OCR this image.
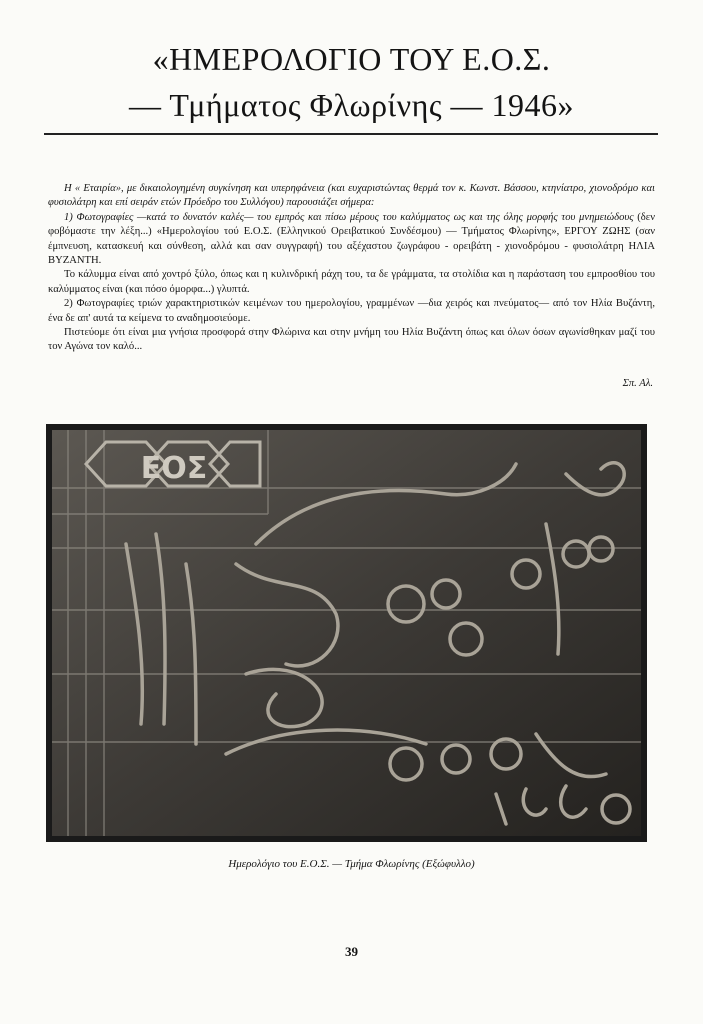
«ΗΜΕΡΟΛΟΓΙΟ ΤΟΥ Ε.Ο.Σ.
— Τμήματος Φλωρίνης — 1946»

Η « Εταιρία», με δικαιολογημένη συγκίνηση και υπερηφάνεια (και ευχαριστώντας θερμά τον κ. Κωνστ. Βάσσου, κτηνίατρο, χιονοδρόμο και φυσιολάτρη και επί σειράν ετών Πρόεδρο του Συλλόγου) παρουσιάζει σήμερα:

1) Φωτογραφίες —κατά το δυνατόν καλές— του εμπρός και πίσω μέρους του καλύμματος ως και της όλης μορφής του μνημειώδους (δεν φοβόμαστε την λέξη...) «Ημερολογίου τού Ε.Ο.Σ. (Ελληνικού Ορειβατικού Συνδέσμου) — Τμήματος Φλωρίνης», ΕΡΓΟΥ ΖΩΗΣ (σαν έμπνευση, κατασκευή και σύνθεση, αλλά και σαν συγγραφή) του αξέχαστου ζωγράφου - ορειβάτη - χιονοδρόμου - φυσιολάτρη ΗΛΙΑ ΒΥΖΑΝΤΗ.

Το κάλυμμα είναι από χοντρό ξύλο, όπως και η κυλινδρική ράχη του, τα δε γράμματα, τα στολίδια και η παράσταση του εμπροσθίου του καλύμματος είναι (και πόσο όμορφα...) γλυπτά.

2) Φωτογραφίες τριών χαρακτηριστικών κειμένων του ημερολογίου, γραμμένων —δια χειρός και πνεύματος— από τον Ηλία Βυζάντη, ένα δε απ' αυτά τα κείμενα το αναδημοσιεύομε.

Πιστεύομε ότι είναι μια γνήσια προσφορά στην Φλώρινα και στην μνήμη του Ηλία Βυζάντη όπως και όλων όσων αγωνίσθηκαν μαζί του τον Αγώνα τον καλό...

Σπ. Αλ.
ΕΟΣ
Ημερολόγιο του Ε.Ο.Σ. — Τμήμα Φλωρίνης (Εξώφυλλο)
39
